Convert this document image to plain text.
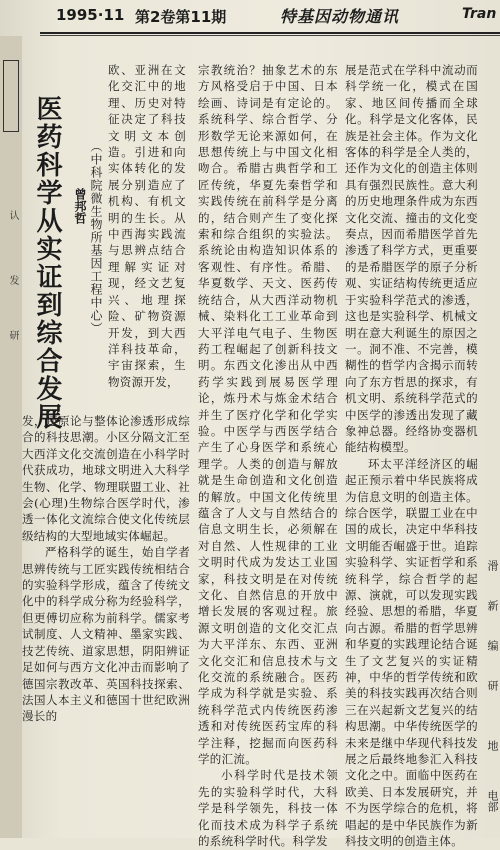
1995·11 第2卷第11期	特基因动物通讯	Tran
认
发
研 医药科学从实证到综合发展 （中科院微生物所基因工程中心）
曾邦哲

欧、亚洲在文化交汇中的地理、历史对特征决定了科技文明文本创造。引进和向实体转化的发展分别造应了机构、有机文明的生长。从中西海实践流与思辨点结合理解实证对现，经文艺复兴、地理探险、矿物资源开发，到大西洋科技革命，宇宙探索，生物资源开发，

发，还原论与整体论渗透形成综合的科技思潮。小区分隔文汇至大西洋文化交流创造在小科学时代获成功，地球文明进入大科学生物、化学、物理联盟工业、社会(心理)生物综合医学时代，渗透一体化文流综合使文化传统层级结构的大型地域实体崛起。

严格科学的诞生，始自学者思辨传统与工匠实践传统相结合的实验科学形成，蕴含了传统文化中的科学成分称为经验科学，但更傅切应称为前科学。儒家考试制度、人文精神、墨家实践、技艺传统、道家思想，阴阳辨证足如何与西方文化冲击而影响了德国宗教改革、英国科技探索、法国人本主义和德国十世纪欧洲漫长的

宗教统治？抽象艺术的东方风格受启于中国、日本绘画、诗词是有定论的。系统科学、综合哲学、分形数学无论来源如何，在思想传统上与中国文化相吻合。希腊古典哲学和工匠传统，华夏先秦哲学和实践传统在前科学是分离的，结合则产生了变化探索和综合组织的实验法。系统论由构造知识体系的客观性、有序性。希腊、华夏数学、天文、医药传统结合，从大西洋动物机械、染料化工工业革命到大平洋电气电子、生物医药工程崛起了创新科技文明。东西文化渗出从中西药学实践到展易医学理论，炼丹术与炼金术结合并生了医疗化学和化学实验。中医学与西医学结合产生了心身医学和系统心理学。人类的创造与解放就是生命创造和文化创造的解放。中国文化传统里蕴含了人文与自然结合的信息文明生长，必须解在对自然、人性规律的工业文明时代成为发达工业国家，科技文明是在对传统文化、自然信息的开放中增长发展的客观过程。旅源文明创造的文化交汇点为大平洋东、东西、亚洲文化交汇和信息技术与文化交流的系统融合。医药学成为科学就是实验、系统科学范式内传统医药渗透和对传统医药宝库的科学注释，挖掘而向医药科学的汇流。

小科学时代是技术领先的实验科学时代，大科学是科学领先，科技一体化而技术成为科学子系统的系统科学时代。科学发

展是范式在学科中流动而科学统一化，模式在国家、地区间传播而全球化。科学是文化客体，民族是社会主体。作为文化客体的科学是全人类的，还作为文化的创造主体则具有强烈民族性。意大利的历史地理条件成为东西文化交流、撞击的文化变奏点，因而希腊医学首先渗透了科学方式，更重要的是希腊医学的原子分析观、实证结构传统更适应于实验科学范式的渗透，这也是实验科学、机械文明在意大利诞生的原因之一。洞不准、不完善，模糊性的哲学内含揭示而转向了东方哲思的探求，有机文明、系统科学范式的中医学的渗透出发现了藏象神总器。经络协变器机能结构模型。

环太平洋经济区的崛起正预示着中华民族将成为信息文明的创造主体。综合医学，联盟工业在中国的成长，决定中华科技文明能否崛盛于世。追踪实验科学、实证哲学和系统科学，综合哲学的起源、演就，可以发现实践经验、思想的希腊，华夏向古源。希腊的哲学思辨和华夏的实践理论结合诞生了文艺复兴的实证精神，中华的哲学传统和欧美的科技实践再次结合则三在兴起新文艺复兴的结构思潮。中华传统医学的未来是继中华现代科技发展之后最终地参汇入科技文化之中。面临中医药在欧美、日本发展研究，并不为医学综合的危机，将唱起的是中华民族作为新科技文明的创造主体。

滑
新
编
研
地
电部
